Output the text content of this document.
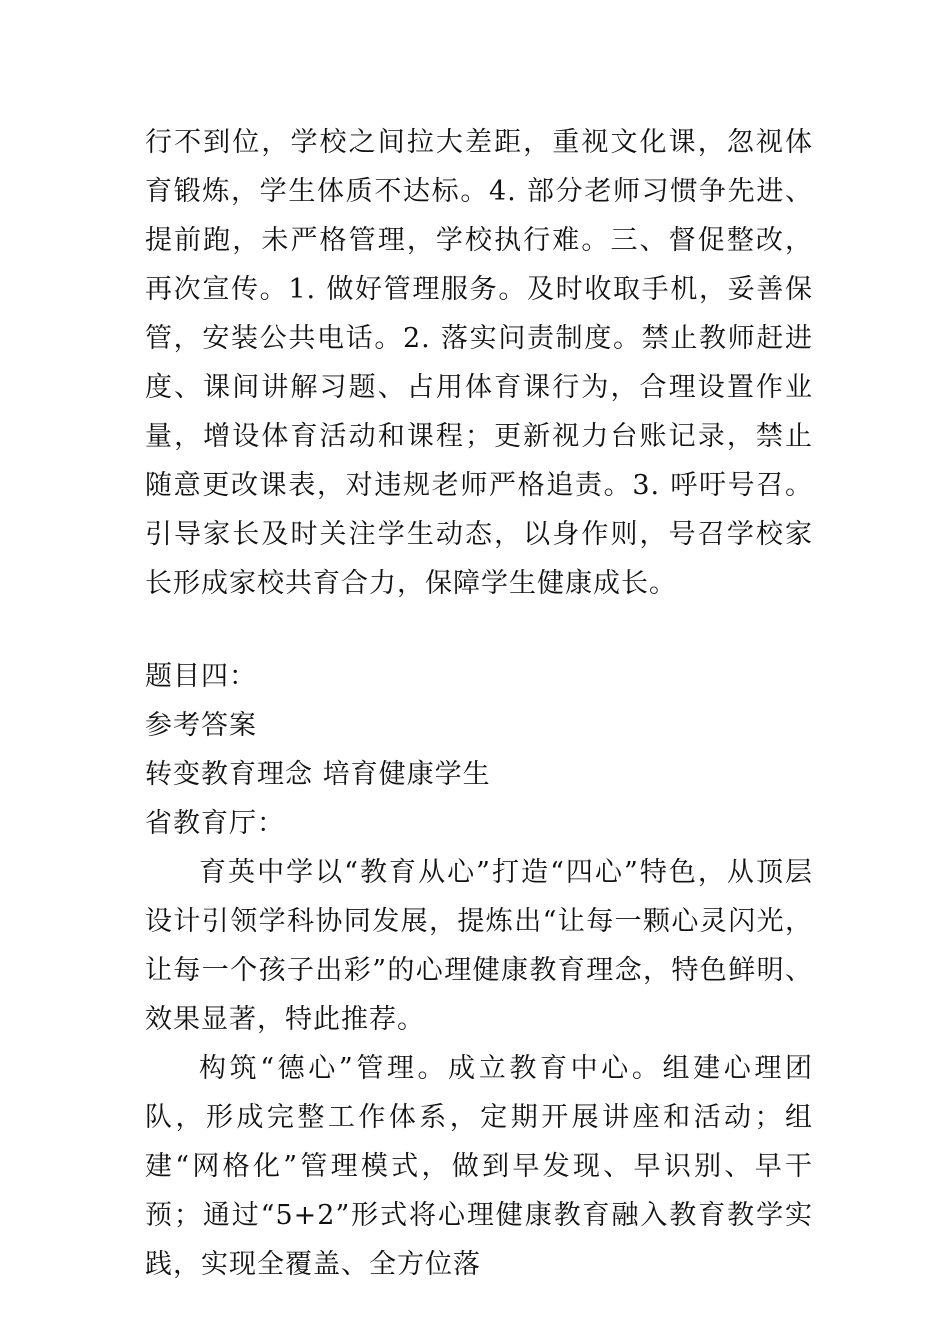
行不到位，学校之间拉大差距，重视文化课，忽视体育锻炼，学生体质不达标。4. 部分老师习惯争先进、提前跑，未严格管理，学校执行难。三、督促整改，再次宣传。1. 做好管理服务。及时收取手机，妥善保管，安装公共电话。2. 落实问责制度。禁止教师赶进度、课间讲解习题、占用体育课行为，合理设置作业量，增设体育活动和课程；更新视力台账记录，禁止随意更改课表，对违规老师严格追责。3. 呼吁号召。引导家长及时关注学生动态，以身作则，号召学校家长形成家校共育合力，保障学生健康成长。

题目四：

参考答案

转变教育理念 培育健康学生

省教育厅：

育英中学以“教育从心”打造“四心”特色，从顶层设计引领学科协同发展，提炼出“让每一颗心灵闪光，让每一个孩子出彩”的心理健康教育理念，特色鲜明、效果显著，特此推荐。

构筑“德心”管理。成立教育中心。组建心理团队，形成完整工作体系，定期开展讲座和活动；组建“网格化”管理模式，做到早发现、早识别、早干预；通过“5+2”形式将心理健康教育融入教育教学实践，实现全覆盖、全方位落
